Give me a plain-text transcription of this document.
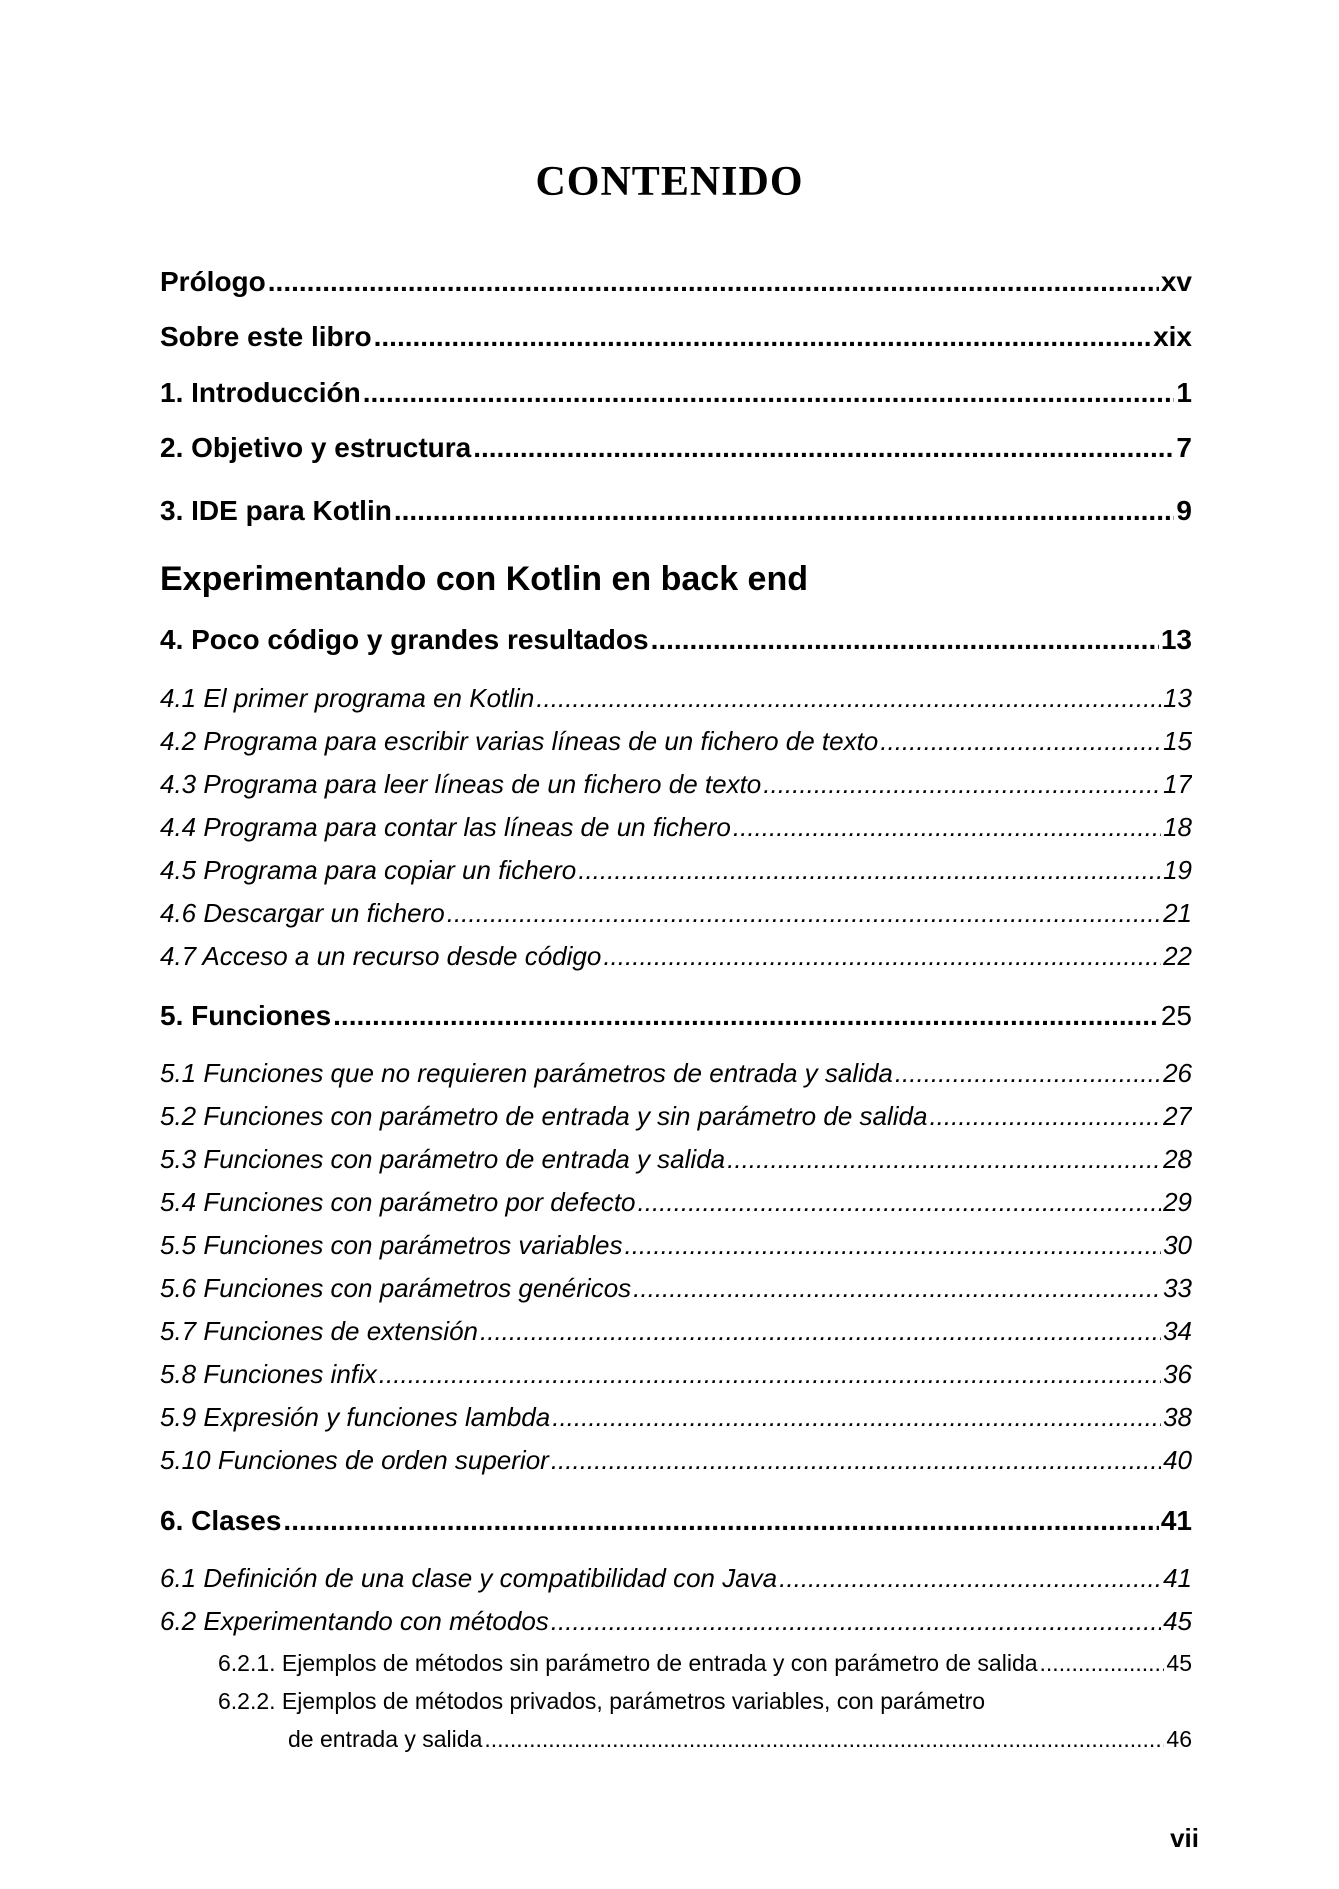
CONTENIDO
Prólogo .....	xv
Sobre este libro .....	xix
1. Introducción .....	1
2. Objetivo y estructura .....	7
3. IDE para Kotlin .....	9
Experimentando con Kotlin en back end
4. Poco código y grandes resultados .....	13
4.1 El primer programa en Kotlin .....	13
4.2 Programa para escribir varias líneas de un fichero de texto .....	15
4.3 Programa para leer líneas de un fichero de texto .....	17
4.4 Programa para contar las líneas de un fichero .....	18
4.5 Programa para copiar un fichero .....	19
4.6 Descargar un fichero .....	21
4.7 Acceso a un recurso desde código .....	22
5. Funciones .....	25
5.1 Funciones que no requieren parámetros de entrada y salida .....	26
5.2 Funciones con parámetro de entrada y sin parámetro de salida .....	27
5.3 Funciones con parámetro de entrada y salida .....	28
5.4 Funciones con parámetro por defecto .....	29
5.5 Funciones con parámetros variables .....	30
5.6 Funciones con parámetros genéricos .....	33
5.7 Funciones de extensión .....	34
5.8 Funciones infix .....	36
5.9 Expresión y funciones lambda .....	38
5.10 Funciones de orden superior .....	40
6. Clases .....	41
6.1 Definición de una clase y compatibilidad con Java .....	41
6.2 Experimentando con métodos .....	45
6.2.1. Ejemplos de métodos sin parámetro de entrada y con parámetro de salida .....	45
6.2.2. Ejemplos de métodos privados, parámetros variables, con parámetro
de entrada y salida .....	46
vii
